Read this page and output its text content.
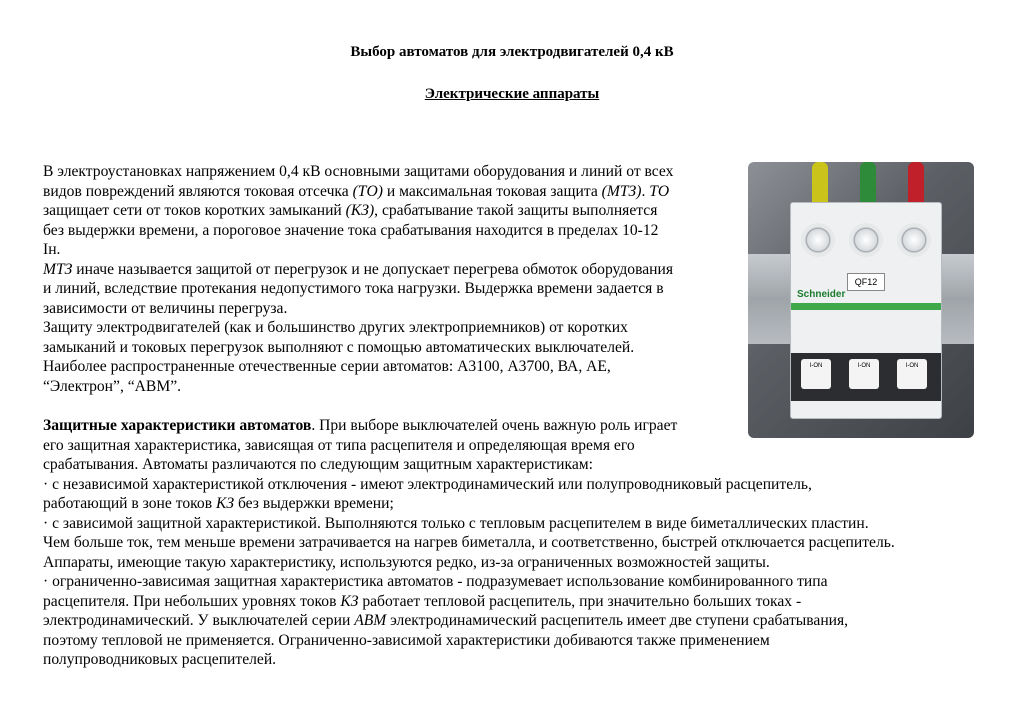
Выбор автоматов для электродвигателей 0,4 кВ
Электрические аппараты
В электроустановках напряжением 0,4 кВ основными защитами оборудования и линий от всех
видов повреждений являются токовая отсечка (ТО) и максимальная токовая защита (МТЗ). ТО
защищает сети от токов коротких замыканий (КЗ), срабатывание такой защиты выполняется
без выдержки времени, а пороговое значение тока срабатывания находится в пределах 10-12
Iн.
МТЗ иначе называется защитой от перегрузок и не допускает перегрева обмоток оборудования
и линий, вследствие протекания недопустимого тока нагрузки. Выдержка времени задается в
зависимости от величины перегруза.
Защиту электродвигателей (как и большинство других электроприемников) от коротких
замыканий и токовых перегрузок выполняют с помощью автоматических выключателей.
Наиболее распространенные отечественные серии автоматов: А3100, А3700, ВА, АЕ,
“Электрон”, “АВМ”.
Защитные характеристики автоматов. При выборе выключателей очень важную роль играет
его защитная характеристика, зависящая от типа расцепителя и определяющая время его
срабатывания. Автоматы различаются по следующим защитным характеристикам:
· с независимой характеристикой отключения - имеют электродинамический или полупроводниковый расцепитель,
работающий в зоне токов КЗ без выдержки времени;
· с зависимой защитной характеристикой. Выполняются только с тепловым расцепителем в виде биметаллических пластин.
Чем больше ток, тем меньше времени затрачивается на нагрев биметалла, и соответственно, быстрей отключается расцепитель.
Аппараты, имеющие такую характеристику, используются редко, из-за ограниченных возможностей защиты.
· ограниченно-зависимая защитная характеристика автоматов - подразумевает использование комбинированного типа
расцепителя. При небольших уровнях токов КЗ работает тепловой расцепитель, при значительно больших токах -
электродинамический. У выключателей серии АВМ электродинамический расцепитель имеет две ступени срабатывания,
поэтому тепловой не применяется. Ограниченно-зависимой характеристики добиваются также применением
полупроводниковых расцепителей.
QF12
Schneider
I-ON	I-ON	I-ON
